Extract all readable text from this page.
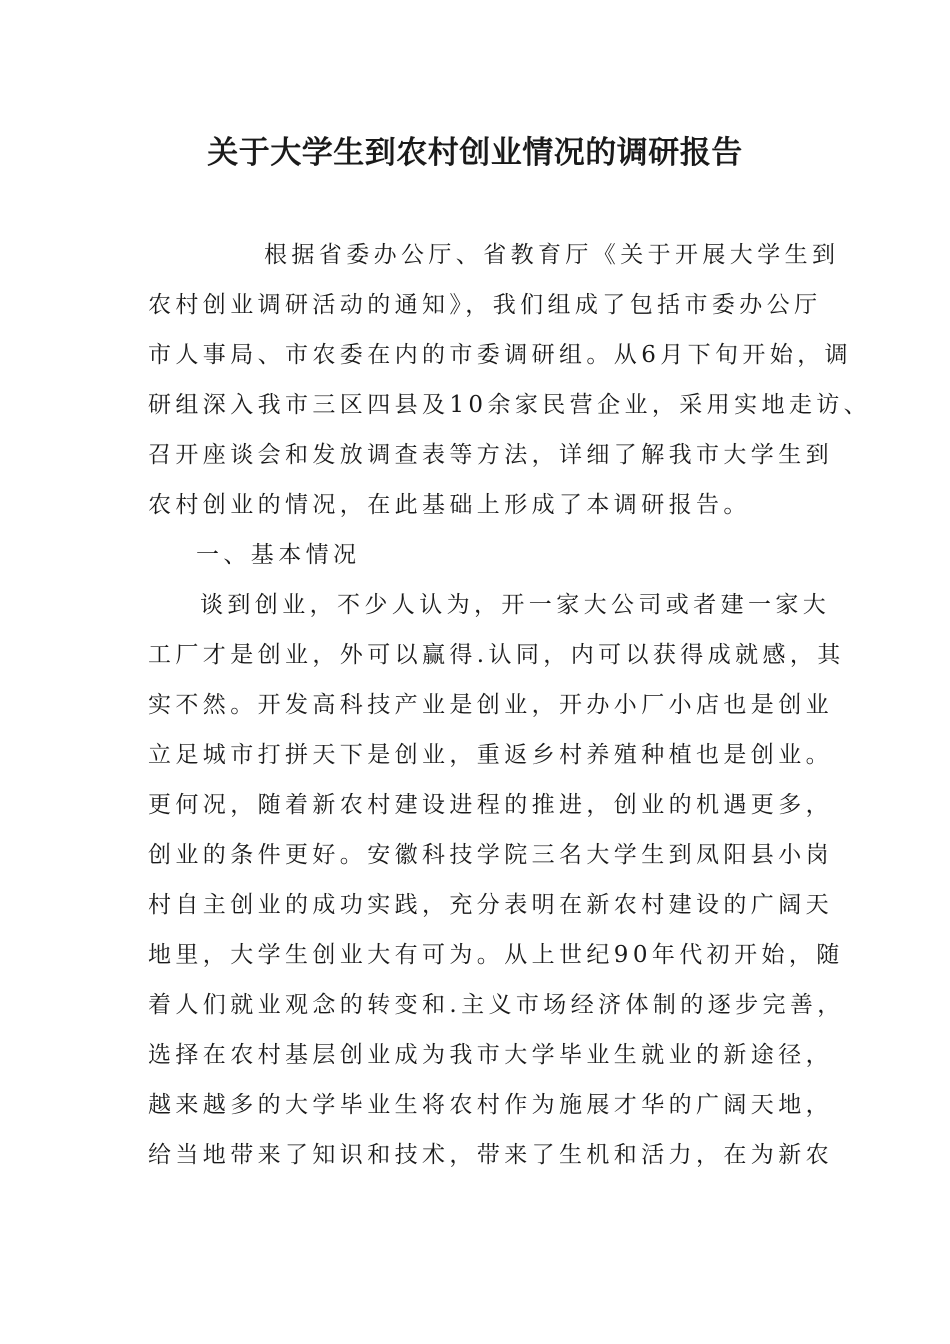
关于大学生到农村创业情况的调研报告
根据省委办公厅、省教育厅《关于开展大学生到
农村创业调研活动的通知》，我们组成了包括市委办公厅
市人事局、市农委在内的市委调研组。从6月下旬开始，调
研组深入我市三区四县及10余家民营企业，采用实地走访、
召开座谈会和发放调查表等方法，详细了解我市大学生到
农村创业的情况，在此基础上形成了本调研报告。
一、基本情况
谈到创业，不少人认为，开一家大公司或者建一家大
工厂才是创业，外可以赢得.认同，内可以获得成就感，其
实不然。开发高科技产业是创业，开办小厂小店也是创业
立足城市打拼天下是创业，重返乡村养殖种植也是创业。
更何况，随着新农村建设进程的推进，创业的机遇更多，
创业的条件更好。安徽科技学院三名大学生到凤阳县小岗
村自主创业的成功实践，充分表明在新农村建设的广阔天
地里，大学生创业大有可为。从上世纪90年代初开始，随
着人们就业观念的转变和.主义市场经济体制的逐步完善，
选择在农村基层创业成为我市大学毕业生就业的新途径，
越来越多的大学毕业生将农村作为施展才华的广阔天地，
给当地带来了知识和技术，带来了生机和活力，在为新农
